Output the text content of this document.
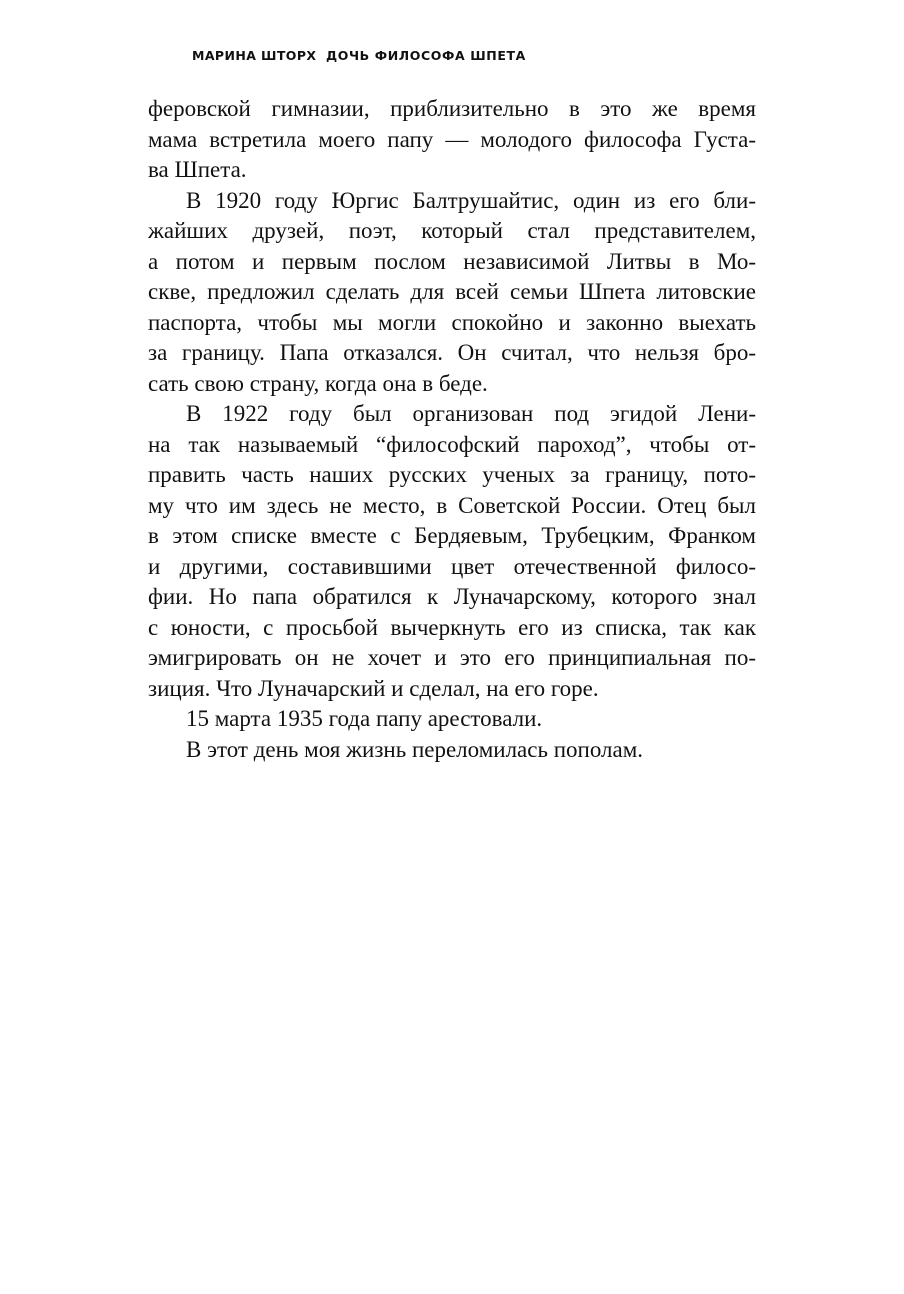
МАРИНА ШТОРХ ДОЧЬ ФИЛОСОФА ШПЕТА

феровской гимназии, приблизительно в это же время
мама встретила моего папу — молодого философа Густа-
ва Шпета.

В 1920 году Юргис Балтрушайтис, один из его бли-
жайших друзей, поэт, который стал представителем,
а потом и первым послом независимой Литвы в Мо-
скве, предложил сделать для всей семьи Шпета литовские
паспорта, чтобы мы могли спокойно и законно выехать
за границу. Папа отказался. Он считал, что нельзя бро-
сать свою страну, когда она в беде.

В 1922 году был организован под эгидой Лени-
на так называемый “философский пароход”, чтобы от-
править часть наших русских ученых за границу, пото-
му что им здесь не место, в Советской России. Отец был
в этом списке вместе с Бердяевым, Трубецким, Франком
и другими, составившими цвет отечественной филосо-
фии. Но папа обратился к Луначарскому, которого знал
с юности, с просьбой вычеркнуть его из списка, так как
эмигрировать он не хочет и это его принципиальная по-
зиция. Что Луначарский и сделал, на его горе.

15 марта 1935 года папу арестовали.

В этот день моя жизнь переломилась пополам.
